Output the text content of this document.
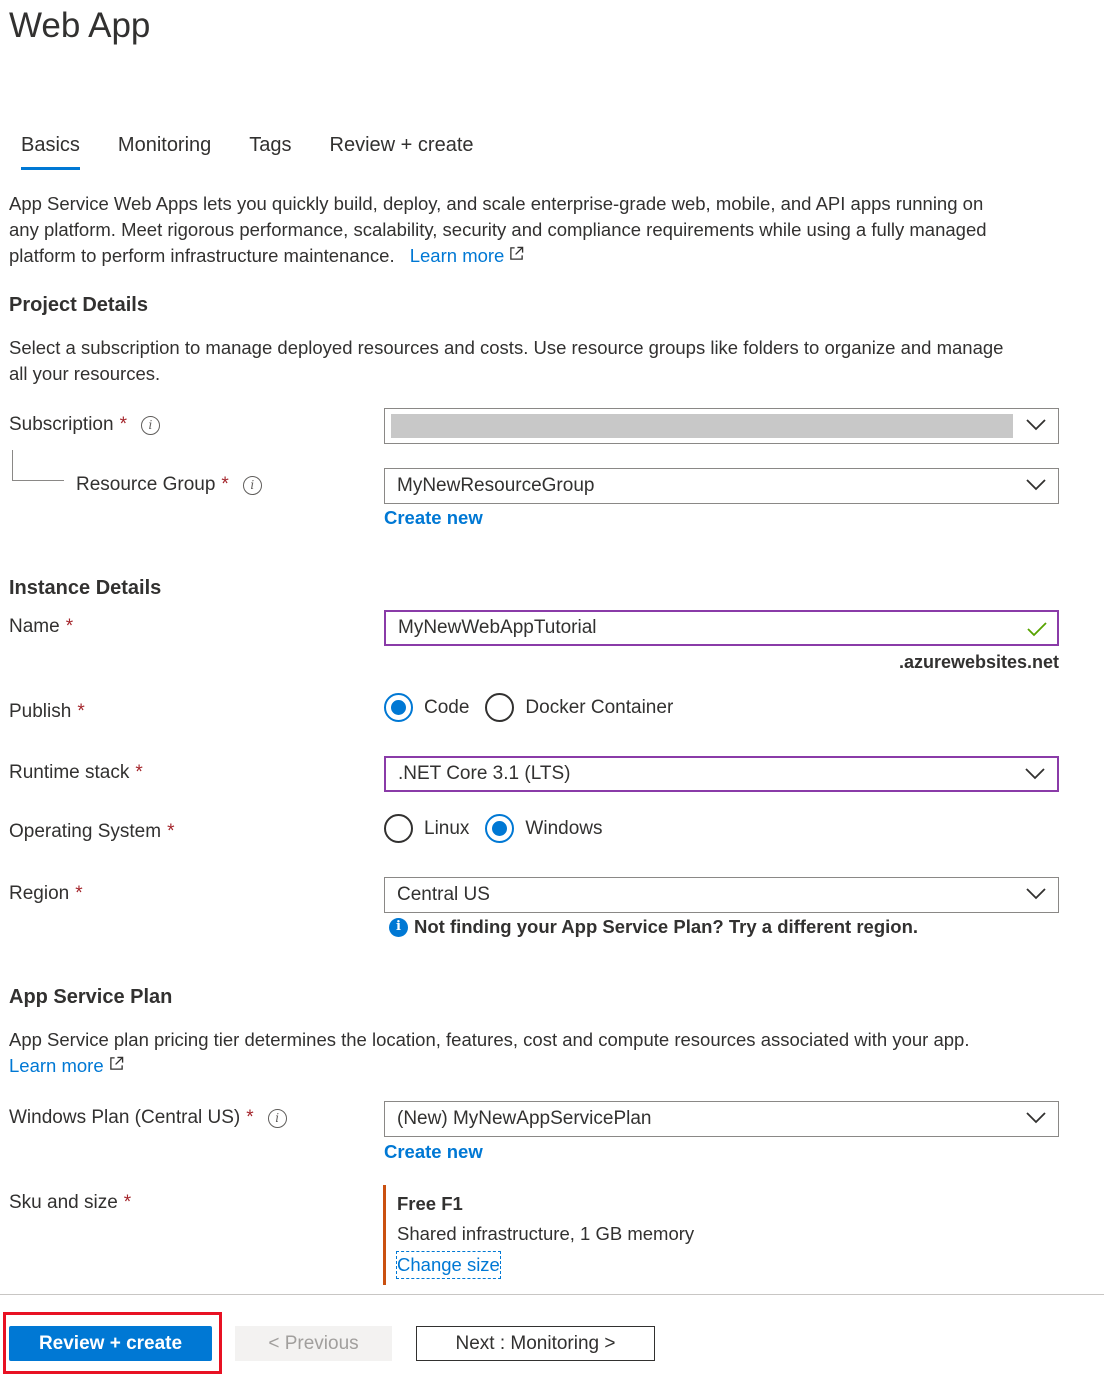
Web App
Basics	Monitoring	Tags	Review + create
App Service Web Apps lets you quickly build, deploy, and scale enterprise-grade web, mobile, and API apps running on
any platform. Meet rigorous performance, scalability, security and compliance requirements while using a fully managed
platform to perform infrastructure maintenance. Learn more
Project Details
Select a subscription to manage deployed resources and costs. Use resource groups like folders to organize and manage
all your resources.
Subscription *	i
Resource Group *	i	MyNewResourceGroup
Create new
Instance Details
Name *	MyNewWebAppTutorial
.azurewebsites.net
Publish *	Code	Docker Container
Runtime stack *	.NET Core 3.1 (LTS)
Operating System *	Linux	Windows
Region *	Central US
i Not finding your App Service Plan? Try a different region.
App Service Plan
App Service plan pricing tier determines the location, features, cost and compute resources associated with your app.
Learn more
Windows Plan (Central US) *	i	(New) MyNewAppServicePlan
Create new
Sku and size *	Free F1
Shared infrastructure, 1 GB memory
Change size
Review + create	< Previous	Next : Monitoring >
